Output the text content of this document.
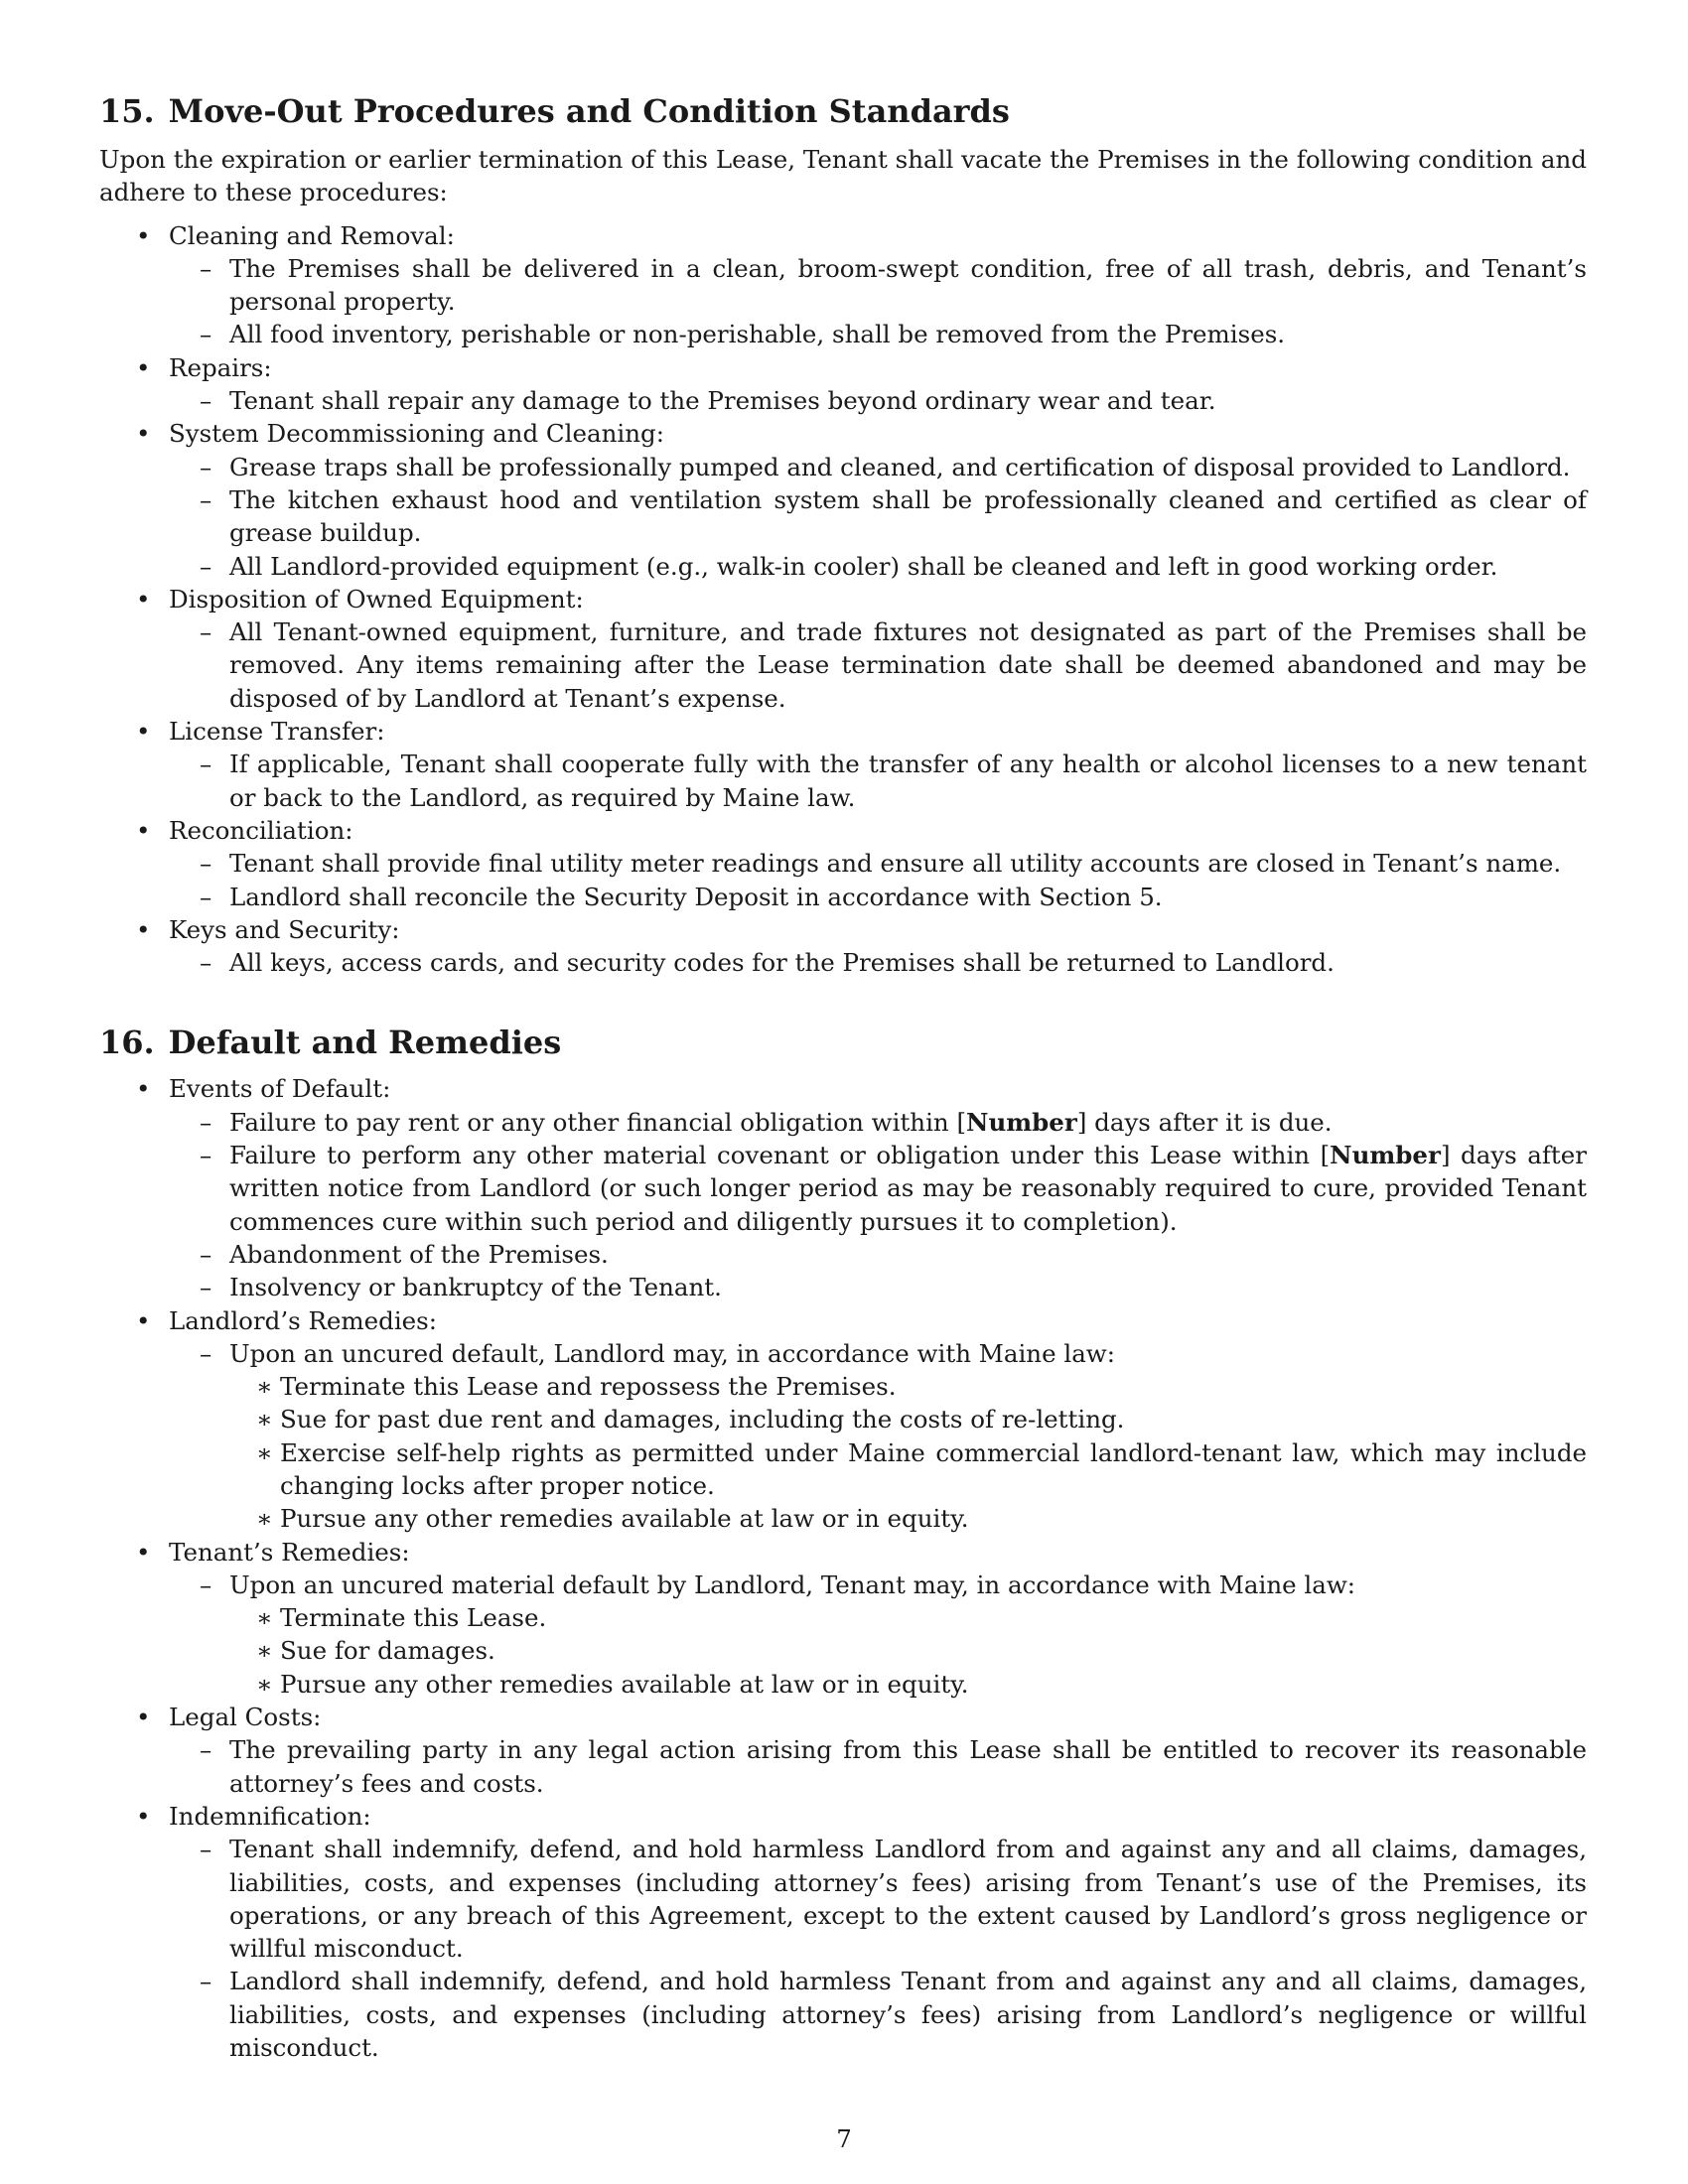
15. Move-Out Procedures and Condition Standards

Upon the expiration or earlier termination of this Lease, Tenant shall vacate the Premises in the following condition and adhere to these procedures:

• Cleaning and Removal:
– The Premises shall be delivered in a clean, broom-swept condition, free of all trash, debris, and Tenant’s personal property.
– All food inventory, perishable or non-perishable, shall be removed from the Premises.
• Repairs:
– Tenant shall repair any damage to the Premises beyond ordinary wear and tear.
• System Decommissioning and Cleaning:
– Grease traps shall be professionally pumped and cleaned, and certification of disposal provided to Landlord.
– The kitchen exhaust hood and ventilation system shall be professionally cleaned and certified as clear of grease buildup.
– All Landlord-provided equipment (e.g., walk-in cooler) shall be cleaned and left in good working order.
• Disposition of Owned Equipment:
– All Tenant-owned equipment, furniture, and trade fixtures not designated as part of the Premises shall be removed. Any items remaining after the Lease termination date shall be deemed abandoned and may be disposed of by Landlord at Tenant’s expense.
• License Transfer:
– If applicable, Tenant shall cooperate fully with the transfer of any health or alcohol licenses to a new tenant or back to the Landlord, as required by Maine law.
• Reconciliation:
– Tenant shall provide final utility meter readings and ensure all utility accounts are closed in Tenant’s name.
– Landlord shall reconcile the Security Deposit in accordance with Section 5.
• Keys and Security:
– All keys, access cards, and security codes for the Premises shall be returned to Landlord.
16. Default and Remedies
• Events of Default:
– Failure to pay rent or any other financial obligation within [Number] days after it is due.
– Failure to perform any other material covenant or obligation under this Lease within [Number] days after written notice from Landlord (or such longer period as may be reasonably required to cure, provided Tenant commences cure within such period and diligently pursues it to completion).
– Abandonment of the Premises.
– Insolvency or bankruptcy of the Tenant.
• Landlord’s Remedies:
– Upon an uncured default, Landlord may, in accordance with Maine law:
∗ Terminate this Lease and repossess the Premises.
∗ Sue for past due rent and damages, including the costs of re-letting.
∗ Exercise self-help rights as permitted under Maine commercial landlord-tenant law, which may include changing locks after proper notice.
∗ Pursue any other remedies available at law or in equity.
• Tenant’s Remedies:
– Upon an uncured material default by Landlord, Tenant may, in accordance with Maine law:
∗ Terminate this Lease.
∗ Sue for damages.
∗ Pursue any other remedies available at law or in equity.
• Legal Costs:
– The prevailing party in any legal action arising from this Lease shall be entitled to recover its reasonable attorney’s fees and costs.
• Indemnification:
– Tenant shall indemnify, defend, and hold harmless Landlord from and against any and all claims, damages, liabilities, costs, and expenses (including attorney’s fees) arising from Tenant’s use of the Premises, its operations, or any breach of this Agreement, except to the extent caused by Landlord’s gross negligence or willful misconduct.
– Landlord shall indemnify, defend, and hold harmless Tenant from and against any and all claims, damages, liabilities, costs, and expenses (including attorney’s fees) arising from Landlord’s negligence or willful misconduct.
7
